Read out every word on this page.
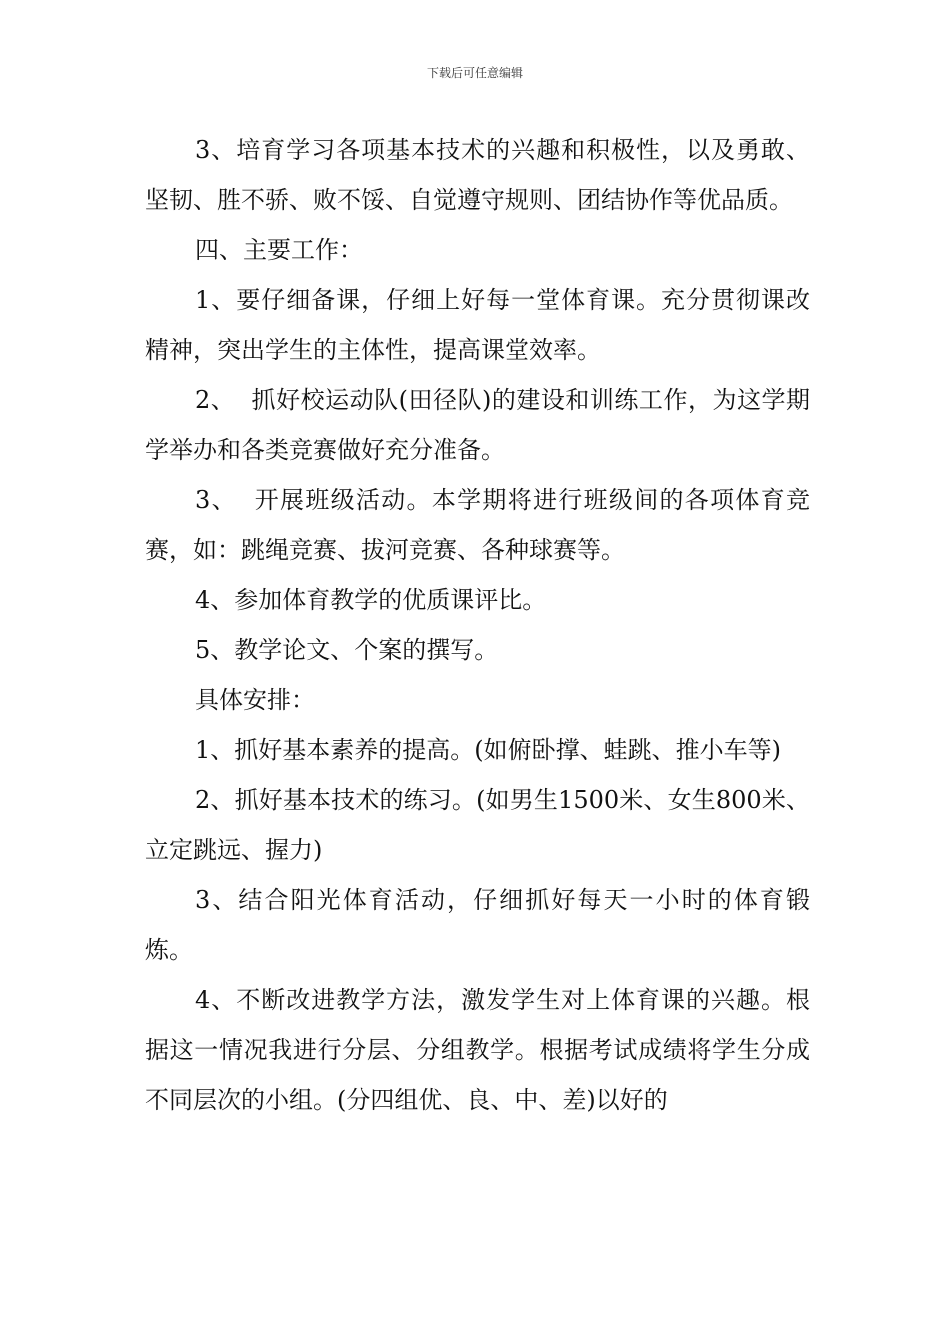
下载后可任意编辑

3、培育学习各项基本技术的兴趣和积极性，以及勇敢、坚韧、胜不骄、败不馁、自觉遵守规则、团结协作等优品质。

四、主要工作：

1、要仔细备课，仔细上好每一堂体育课。充分贯彻课改精神，突出学生的主体性，提高课堂效率。

2、  抓好校运动队(田径队)的建设和训练工作，为这学期学举办和各类竞赛做好充分准备。

3、  开展班级活动。本学期将进行班级间的各项体育竞赛，如：跳绳竞赛、拔河竞赛、各种球赛等。

4、参加体育教学的优质课评比。

5、教学论文、个案的撰写。

具体安排：

1、抓好基本素养的提高。(如俯卧撑、蛙跳、推小车等)

2、抓好基本技术的练习。(如男生1500米、女生800米、立定跳远、握力)

3、结合阳光体育活动，仔细抓好每天一小时的体育锻炼。

4、不断改进教学方法，激发学生对上体育课的兴趣。根据这一情况我进行分层、分组教学。根据考试成绩将学生分成不同层次的小组。(分四组优、良、中、差)以好的
